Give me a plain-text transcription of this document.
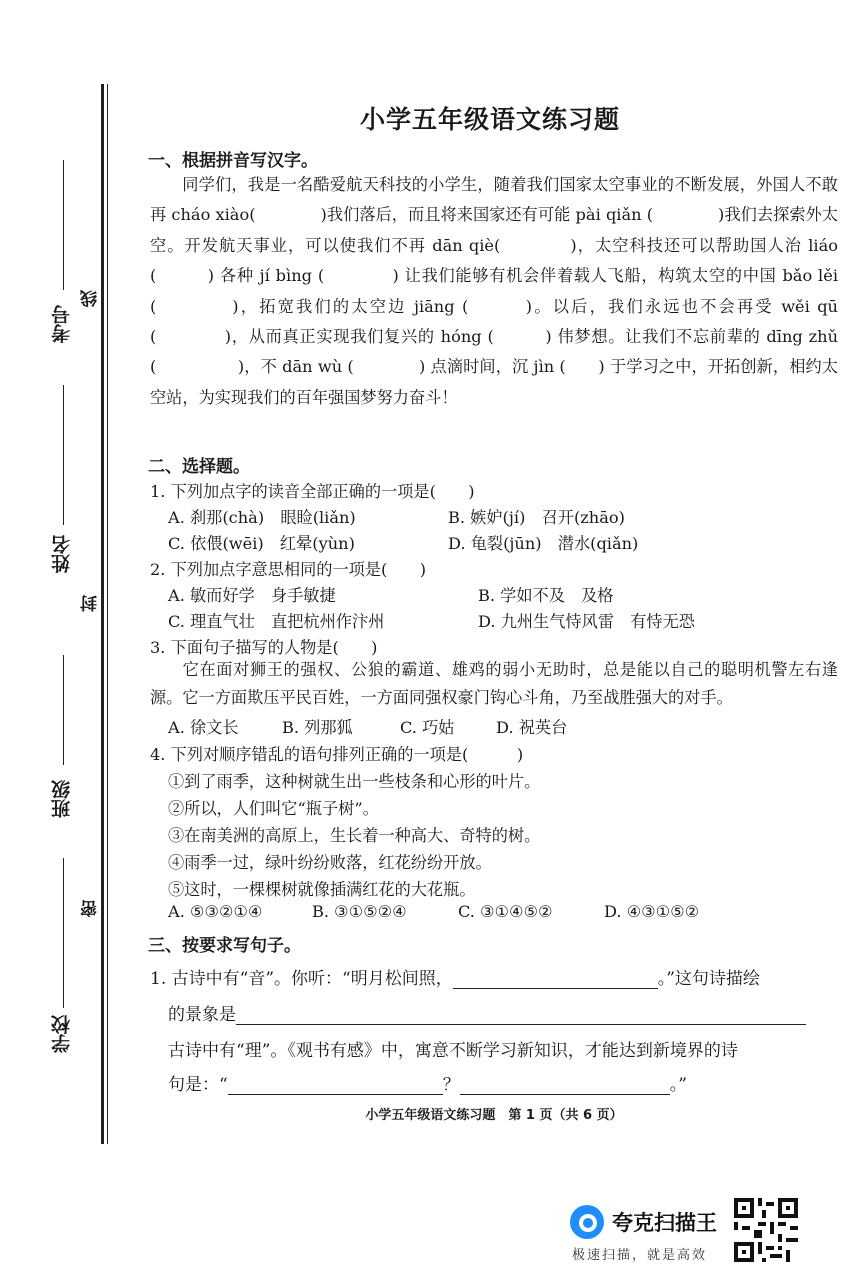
考号
线
姓名
封
班级
密
学校
小学五年级语文练习题
一、根据拼音写汉字。

同学们，我是一名酷爱航天科技的小学生，随着我们国家太空事业的不断发展，外国人不敢再 cháo xiào(　　　　)我们落后，而且将来国家还有可能 pài qiǎn (　　　　)我们去探索外太空。开发航天事业，可以使我们不再 dān qiè(　　　　)，太空科技还可以帮助国人治 liáo (　　　) 各种 jí bìng (　　　　) 让我们能够有机会伴着载人飞船，构筑太空的中国 bǎo lěi (　　　　)，拓宽我们的太空边 jiāng (　　　)。以后，我们永远也不会再受 wěi qū (　　　　)，从而真正实现我们复兴的 hóng (　　　) 伟梦想。让我们不忘前辈的 dīng zhǔ (　　　　　)，不 dān wù (　　　　) 点滴时间，沉 jìn (　　) 于学习之中，开拓创新，相约太空站，为实现我们的百年强国梦努力奋斗！

二、选择题。
1. 下列加点字的读音全部正确的一项是(　　)
A. 刹那(chà)　眼睑(liǎn)	B. 嫉妒(jí)　召开(zhāo)
C. 依偎(wēi)　红晕(yùn)	D. 龟裂(jūn)　潜水(qiǎn)
2. 下列加点字意思相同的一项是(　　)
A. 敏而好学　身手敏捷	B. 学如不及　及格
C. 理直气壮　直把杭州作汴州	D. 九州生气恃风雷　有恃无恐
3. 下面句子描写的人物是(　　)

它在面对狮王的强权、公狼的霸道、雄鸡的弱小无助时，总是能以自己的聪明机警左右逢源。它一方面欺压平民百姓，一方面同强权豪门钩心斗角，乃至战胜强大的对手。

A. 徐文长	B. 列那狐	C. 巧姑	D. 祝英台
4. 下列对顺序错乱的语句排列正确的一项是(　　　)
①到了雨季，这种树就生出一些枝条和心形的叶片。
②所以，人们叫它“瓶子树”。
③在南美洲的高原上，生长着一种高大、奇特的树。
④雨季一过，绿叶纷纷败落，红花纷纷开放。
⑤这时，一棵棵树就像插满红花的大花瓶。
A. ⑤③②①④	B. ③①⑤②④	C. ③①④⑤②	D. ④③①⑤②
三、按要求写句子。
1. 古诗中有“音”。你听：“明月松间照，	。”这句诗描绘
的景象是
古诗中有“理”。《观书有感》中，寓意不断学习新知识，才能达到新境界的诗
句是：“	？	。”
小学五年级语文练习题　第 1 页（共 6 页）
夸克扫描王
极速扫描，就是高效
